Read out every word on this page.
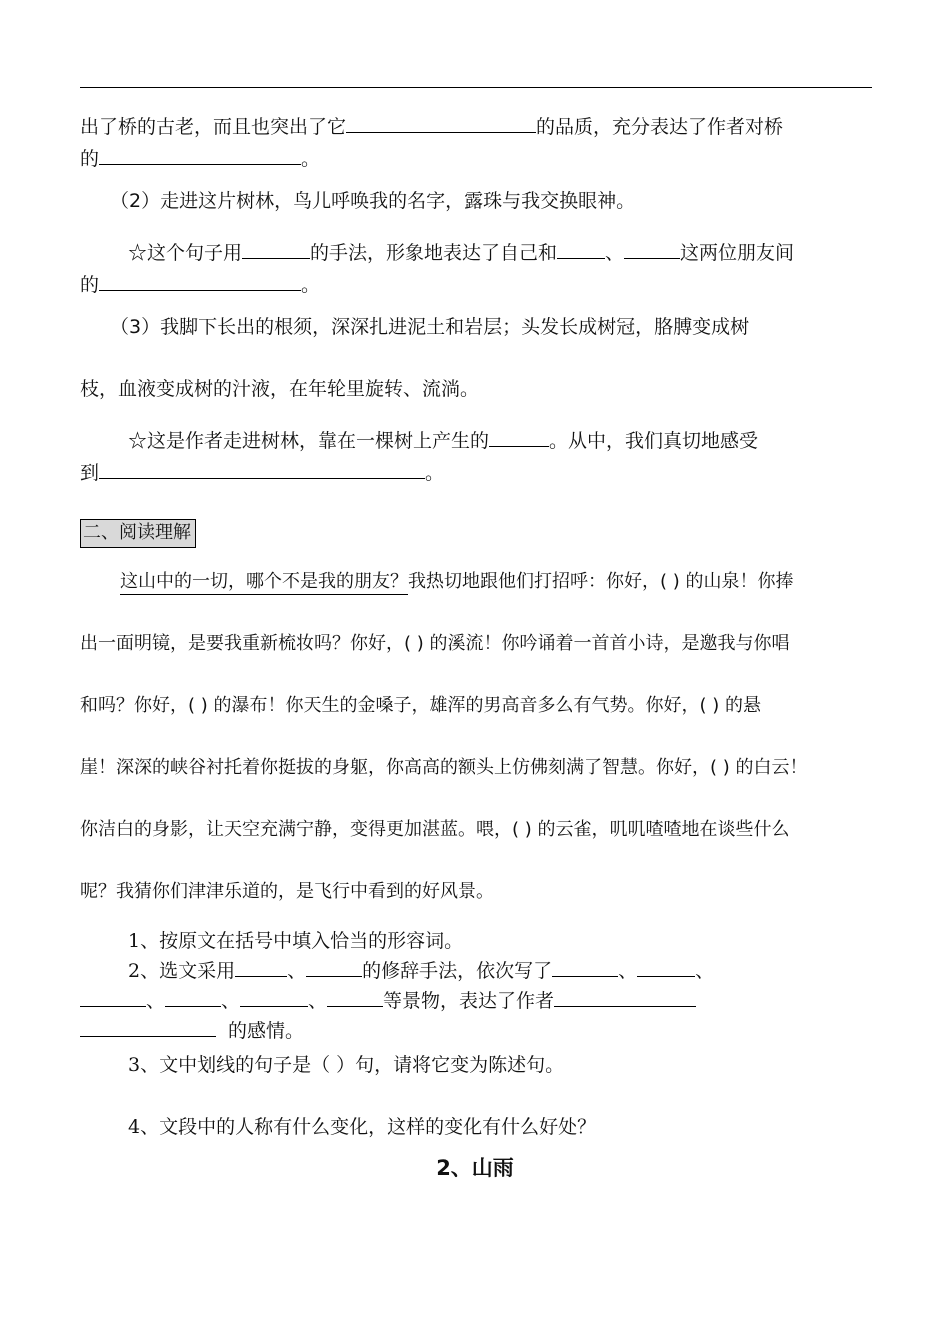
出了桥的古老，而且也突出了它	的品质，充分表达了作者对桥
的	。
（2）走进这片树林，鸟儿呼唤我的名字，露珠与我交换眼神。
☆这个句子用	的手法，形象地表达了自己和	、	这两位朋友间
的	。
（3）我脚下长出的根须，深深扎进泥土和岩层；头发长成树冠，胳膊变成树
枝，血液变成树的汁液，在年轮里旋转、流淌。
☆这是作者走进树林，靠在一棵树上产生的	。从中，我们真切地感受
到	。
二、阅读理解
这山中的一切，哪个不是我的朋友？我热切地跟他们打招呼：你好，( ) 的山泉！你捧
出一面明镜，是要我重新梳妆吗？你好，( ) 的溪流！你吟诵着一首首小诗，是邀我与你唱
和吗？你好，( ) 的瀑布！你天生的金嗓子，雄浑的男高音多么有气势。你好，( ) 的悬
崖！深深的峡谷衬托着你挺拔的身躯，你高高的额头上仿佛刻满了智慧。你好，( ) 的白云！
你洁白的身影，让天空充满宁静，变得更加湛蓝。喂，( ) 的云雀，叽叽喳喳地在谈些什么
呢？我猜你们津津乐道的，是飞行中看到的好风景。
1、按原文在括号中填入恰当的形容词。
2、选文采用	、	的修辞手法，依次写了	、	、
、	、	、	等景物，表达了作者
的感情。
3、文中划线的句子是（ ）句，请将它变为陈述句。
4、文段中的人称有什么变化，这样的变化有什么好处？
2、山雨
